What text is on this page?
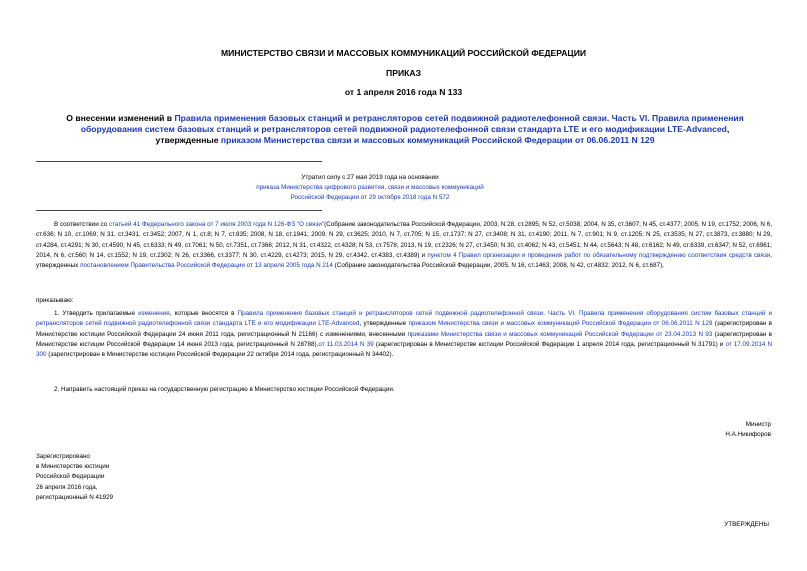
МИНИСТЕРСТВО СВЯЗИ И МАССОВЫХ КОММУНИКАЦИЙ РОССИЙСКОЙ ФЕДЕРАЦИИ
ПРИКАЗ
от 1 апреля 2016 года N 133
О внесении изменений в Правила применения базовых станций и ретрансляторов сетей подвижной радиотелефонной связи. Часть VI. Правила применения оборудования систем базовых станций и ретрансляторов сетей подвижной радиотелефонной связи стандарта LTE и его модификации LTE-Advanced, утвержденные приказом Министерства связи и массовых коммуникаций Российской Федерации от 06.06.2011 N 129
Утратил силу с 27 мая 2019 года на основании
приказа Министерства цифрового развития, связи и массовых коммуникаций
Российской Федерации от 29 октября 2018 года N 572
В соответствии со статьей 41 Федерального закона от 7 июля 2003 года N 126-ФЗ "О связи"(Собрание законодательства Российской Федерации, 2003, N 28, ст.2895; N 52, ст.5038; 2004, N 35, ст.3607; N 45, ст.4377; 2005, N 19, ст.1752; 2006, N 6, ст.636; N 10, ст.1069; N 31, ст.3431, ст.3452; 2007, N 1, ст.8; N 7, ст.835; 2008, N 18, ст.1941; 2009, N 29, ст.3625; 2010, N 7, ст.705; N 15, ст.1737; N 27, ст.3408; N 31, ст.4190; 2011, N 7, ст.901; N 9, ст.1205; N 25, ст.3535; N 27, ст.3873, ст.3880; N 29, ст.4284, ст.4291; N 30, ст.4590; N 45, ст.6333; N 49, ст.7061; N 50, ст.7351, ст.7366; 2012, N 31, ст.4322, ст.4328; N 53, ст.7578; 2013, N 19, ст.2326; N 27, ст.3450; N 30, ст.4062; N 43, ст.5451; N 44, ст.5643; N 48, ст.6162; N 49, ст.6339, ст.6347; N 52, ст.6961; 2014, N 6, ст.560; N 14, ст.1552; N 19, ст.2302; N 26, ст.3366, ст.3377; N 30, ст.4229, ст.4273; 2015, N 29, ст.4342, ст.4383, ст.4389) и пунктом 4 Правил организации и проведения работ по обязательному подтверждению соответствия средств связи, утвержденных постановлением Правительства Российской Федерации от 13 апреля 2005 года N 214 (Собрание законодательства Российской Федерации, 2005, N 16, ст.1463; 2008, N 42, ст.4832; 2012, N 6, ст.687),
приказываю:
1. Утвердить прилагаемые изменения, которые вносятся в Правила применения базовых станций и ретрансляторов сетей подвижной радиотелефонной связи. Часть VI. Правила применения оборудования систем базовых станций и ретрансляторов сетей подвижной радиотелефонной связи стандарта LTE и его модификации LTE-Advanced, утвержденные приказом Министерства связи и массовых коммуникаций Российской Федерации от 06.06.2011 N 129 (зарегистрирован в Министерстве юстиции Российской Федерации 24 июня 2011 года, регистрационный N 21166) с изменениями, внесенными приказами Министерства связи и массовых коммуникаций Российской Федерации от 23.04.2013 N 93 (зарегистрирован в Министерстве юстиции Российской Федерации 14 июня 2013 года, регистрационный N 28788),от 11.03.2014 N 39 (зарегистрирован в Министерстве юстиции Российской Федерации 1 апреля 2014 года, регистрационный N 31791) и от 17.09.2014 N 300 (зарегистрирован в Министерстве юстиции Российской Федерации 22 октября 2014 года, регистрационный N 34402).
2. Направить настоящий приказ на государственную регистрацию в Министерство юстиции Российской Федерации.
Министр
Н.А.Никифоров
Зарегистрировано
в Министерстве юстиции
Российской Федерации
26 апреля 2016 года,
регистрационный N 41929
УТВЕРЖДЕНЫ
